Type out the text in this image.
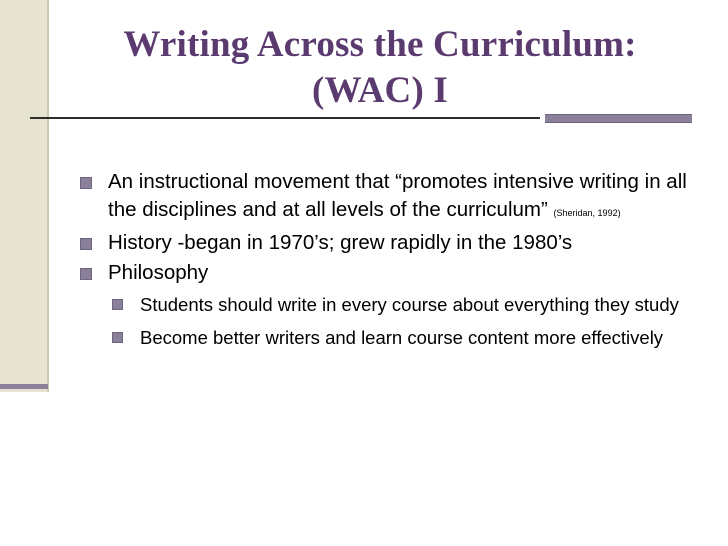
Writing Across the Curriculum:
(WAC) I
An instructional movement that “promotes intensive writing in all the disciplines and at all levels of the curriculum” (Sheridan, 1992)
History -began in 1970’s; grew rapidly in the 1980’s
Philosophy
Students should write in every course about everything they study
Become better writers and learn course content more effectively
